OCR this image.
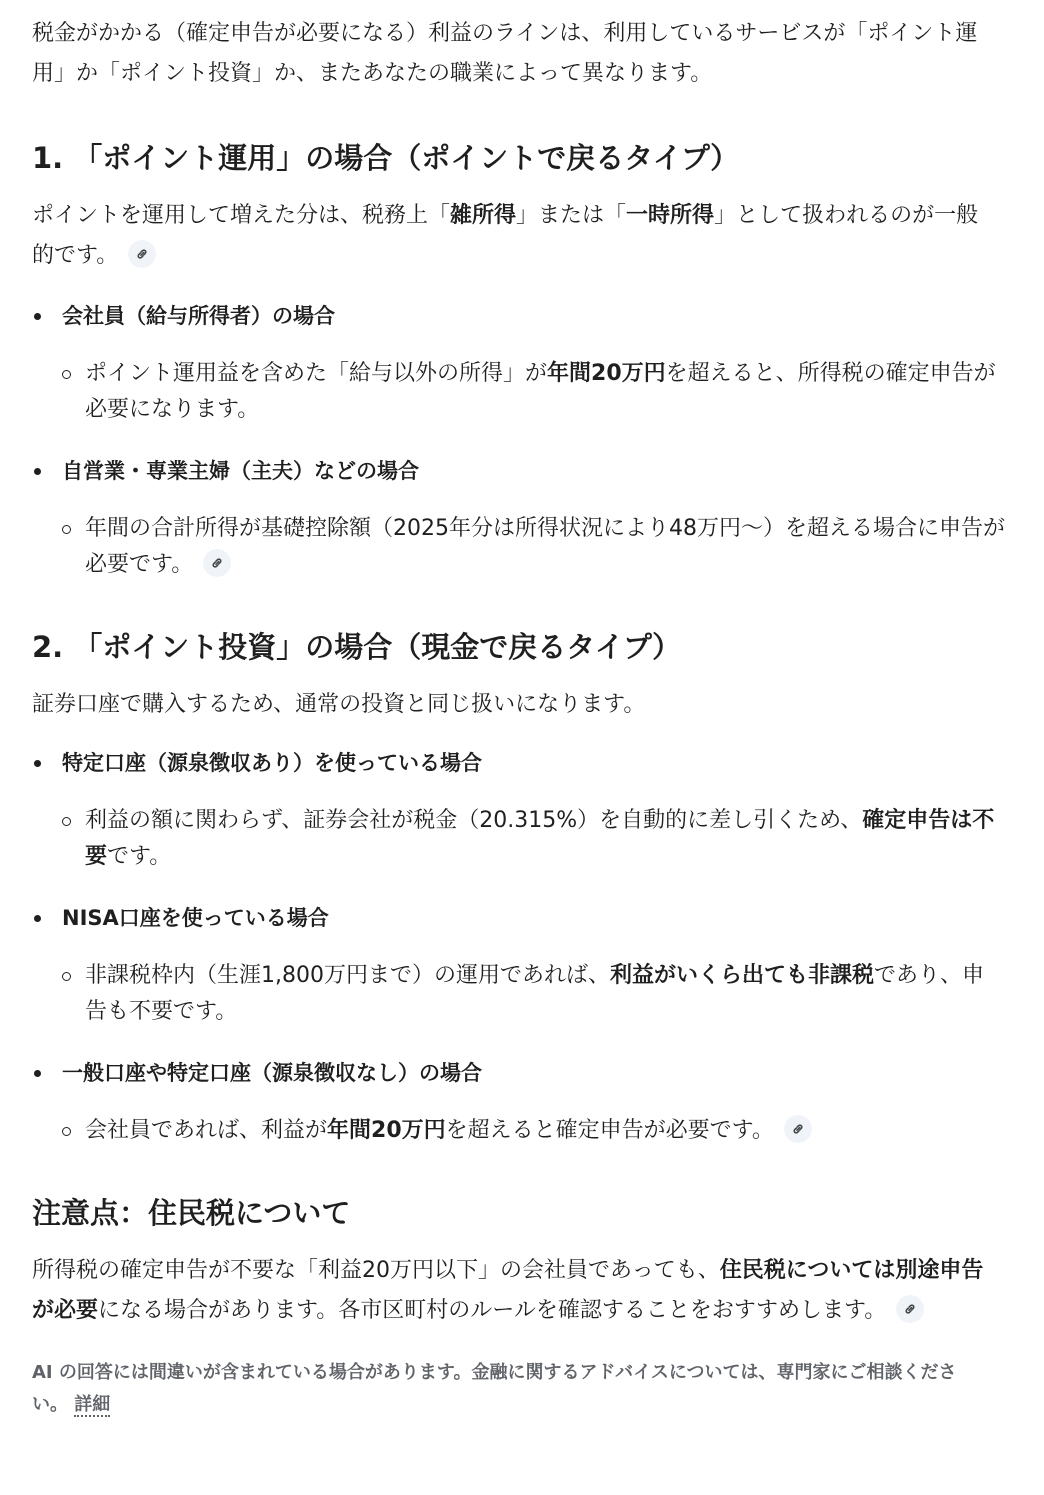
税金がかかる（確定申告が必要になる）利益のラインは、利用しているサービスが「ポイント運用」か「ポイント投資」か、またあなたの職業によって異なります。

1. 「ポイント運用」の場合（ポイントで戻るタイプ）

ポイントを運用して増えた分は、税務上「雑所得」または「一時所得」として扱われるのが一般的です。

会社員（給与所得者）の場合
ポイント運用益を含めた「給与以外の所得」が年間20万円を超えると、所得税の確定申告が必要になります。
自営業・専業主婦（主夫）などの場合
年間の合計所得が基礎控除額（2025年分は所得状況により48万円〜）を超える場合に申告が必要です。
2. 「ポイント投資」の場合（現金で戻るタイプ）

証券口座で購入するため、通常の投資と同じ扱いになります。

特定口座（源泉徴収あり）を使っている場合
利益の額に関わらず、証券会社が税金（20.315%）を自動的に差し引くため、確定申告は不要です。
NISA口座を使っている場合
非課税枠内（生涯1,800万円まで）の運用であれば、利益がいくら出ても非課税であり、申告も不要です。
一般口座や特定口座（源泉徴収なし）の場合
会社員であれば、利益が年間20万円を超えると確定申告が必要です。
注意点：住民税について

所得税の確定申告が不要な「利益20万円以下」の会社員であっても、住民税については別途申告が必要になる場合があります。各市区町村のルールを確認することをおすすめします。

AI の回答には間違いが含まれている場合があります。金融に関するアドバイスについては、専門家にご相談ください。 詳細
